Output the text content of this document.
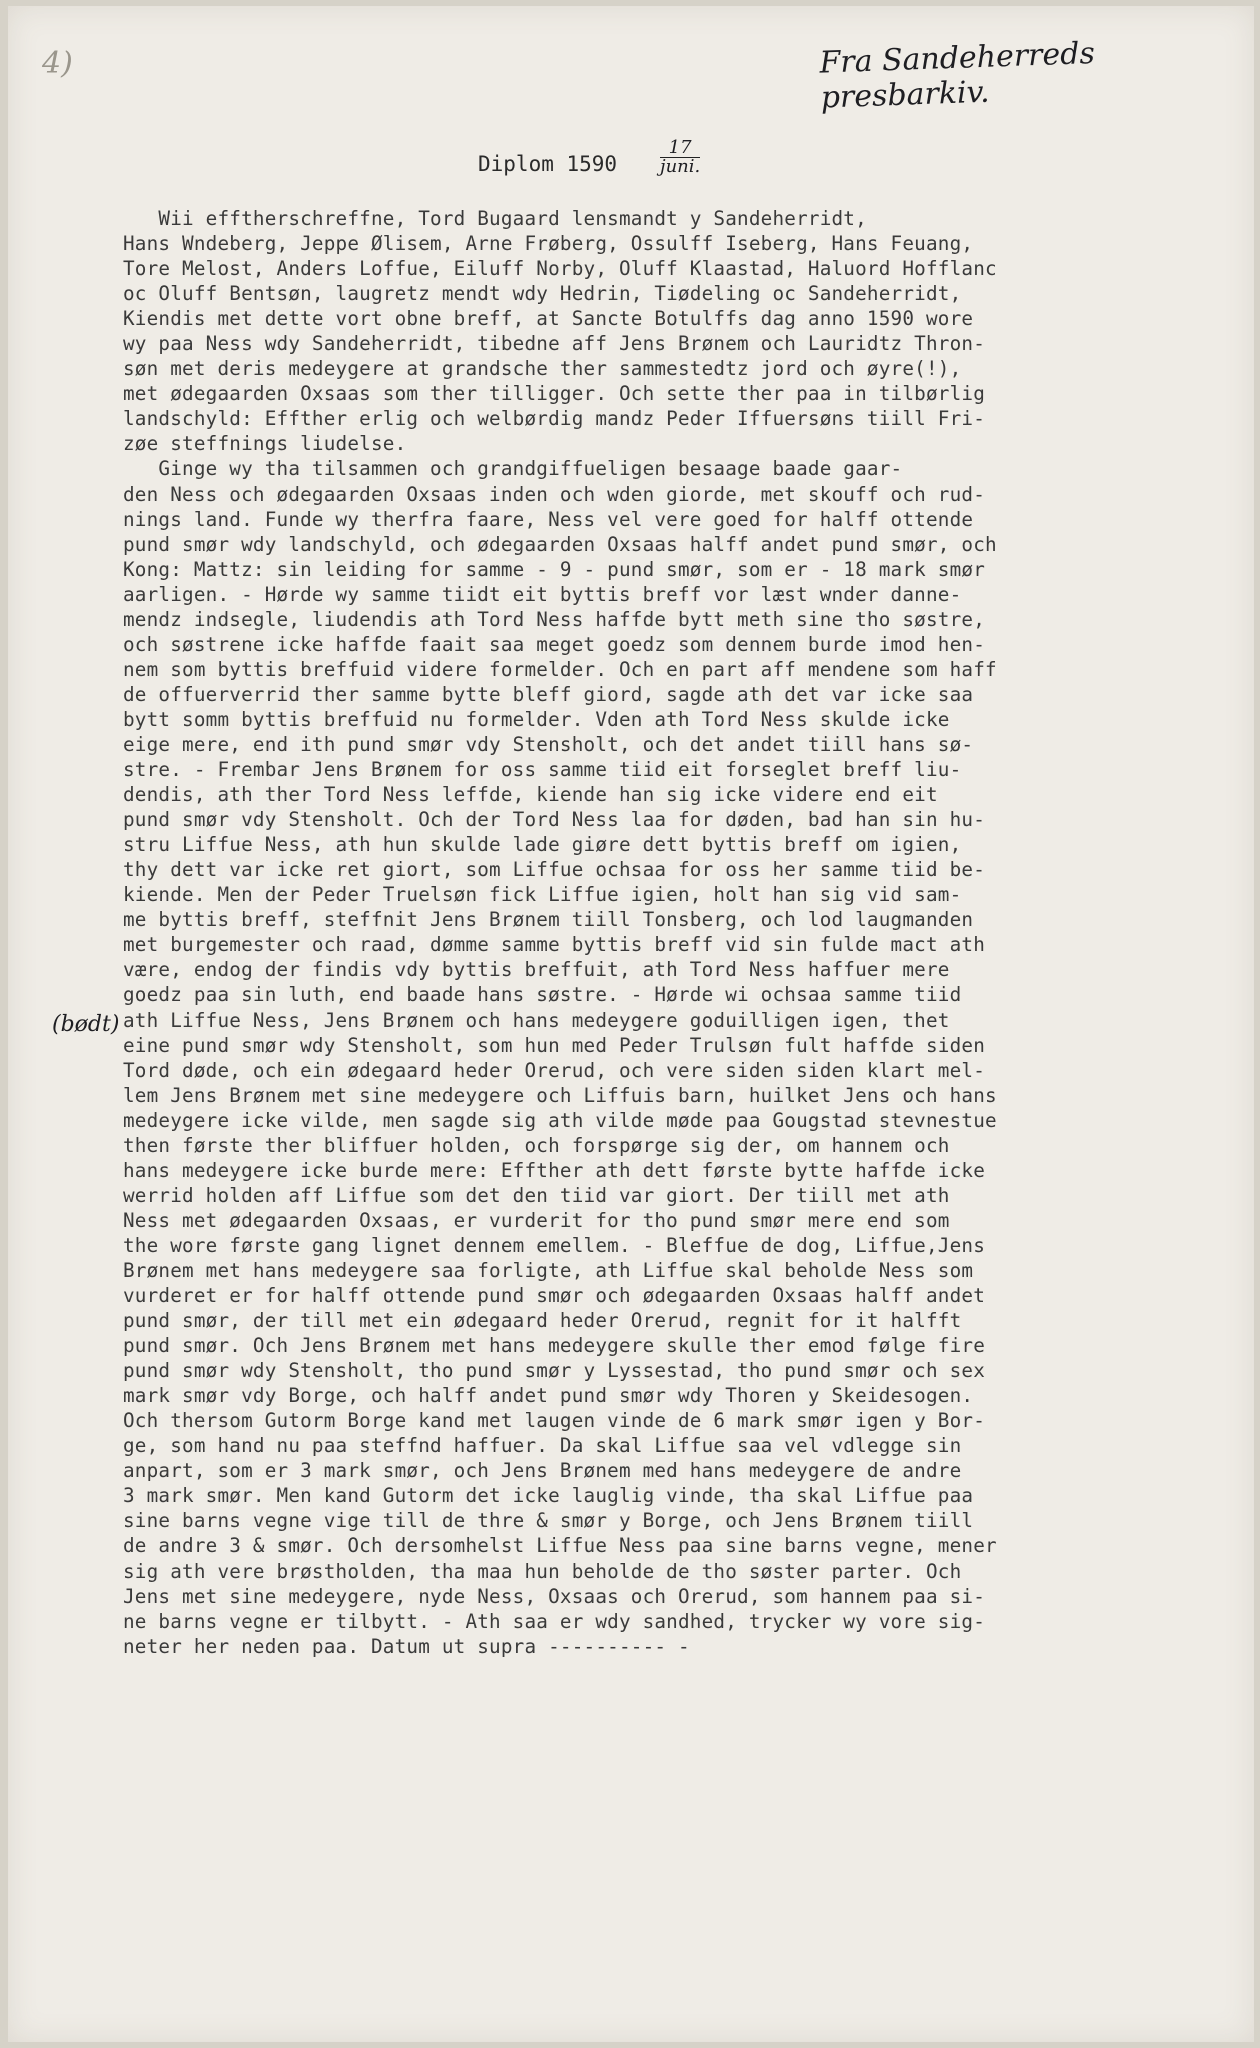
4)	Fra Sandeherreds presbarkiv.
Diplom 1590
17
juni.
(bødt)
Wii efftherschreffne, Tord Bugaard lensmandt y Sandeherridt,
Hans Wndeberg, Jeppe Ølisem, Arne Frøberg, Ossulff Iseberg, Hans Feuang,
Tore Melost, Anders Loffue, Eiluff Norby, Oluff Klaastad, Haluord Hofflanc
oc Oluff Bentsøn, laugretz mendt wdy Hedrin, Tiødeling oc Sandeherridt,
Kiendis met dette vort obne breff, at Sancte Botulffs dag anno 1590 wore
wy paa Ness wdy Sandeherridt, tibedne aff Jens Brønem och Lauridtz Thron-
søn met deris medeygere at grandsche ther sammestedtz jord och øyre(!),
met ødegaarden Oxsaas som ther tilligger. Och sette ther paa in tilbørlig
landschyld: Effther erlig och welbørdig mandz Peder Iffuersøns tiill Fri-
zøe steffnings liudelse.
Ginge wy tha tilsammen och grandgiffueligen besaage baade gaar-
den Ness och ødegaarden Oxsaas inden och wden giorde, met skouff och rud-
nings land. Funde wy therfra faare, Ness vel vere goed for halff ottende
pund smør wdy landschyld, och ødegaarden Oxsaas halff andet pund smør, och
Kong: Mattz: sin leiding for samme - 9 - pund smør, som er - 18 mark smør
aarligen. - Hørde wy samme tiidt eit byttis breff vor læst wnder danne-
mendz indsegle, liudendis ath Tord Ness haffde bytt meth sine tho søstre,
och søstrene icke haffde faait saa meget goedz som dennem burde imod hen-
nem som byttis breffuid videre formelder. Och en part aff mendene som haff
de offuerverrid ther samme bytte bleff giord, sagde ath det var icke saa
bytt somm byttis breffuid nu formelder. Vden ath Tord Ness skulde icke
eige mere, end ith pund smør vdy Stensholt, och det andet tiill hans sø-
stre. - Frembar Jens Brønem for oss samme tiid eit forseglet breff liu-
dendis, ath ther Tord Ness leffde, kiende han sig icke videre end eit
pund smør vdy Stensholt. Och der Tord Ness laa for døden, bad han sin hu-
stru Liffue Ness, ath hun skulde lade giøre dett byttis breff om igien,
thy dett var icke ret giort, som Liffue ochsaa for oss her samme tiid be-
kiende. Men der Peder Truelsøn fick Liffue igien, holt han sig vid sam-
me byttis breff, steffnit Jens Brønem tiill Tonsberg, och lod laugmanden
met burgemester och raad, dømme samme byttis breff vid sin fulde mact ath
være, endog der findis vdy byttis breffuit, ath Tord Ness haffuer mere
goedz paa sin luth, end baade hans søstre. - Hørde wi ochsaa samme tiid
ath Liffue Ness, Jens Brønem och hans medeygere goduilligen igen, thet
eine pund smør wdy Stensholt, som hun med Peder Trulsøn fult haffde siden
Tord døde, och ein ødegaard heder Orerud, och vere siden siden klart mel-
lem Jens Brønem met sine medeygere och Liffuis barn, huilket Jens och hans
medeygere icke vilde, men sagde sig ath vilde møde paa Gougstad stevnestue
then første ther bliffuer holden, och forspørge sig der, om hannem och
hans medeygere icke burde mere: Effther ath dett første bytte haffde icke
werrid holden aff Liffue som det den tiid var giort. Der tiill met ath
Ness met ødegaarden Oxsaas, er vurderit for tho pund smør mere end som
the wore første gang lignet dennem emellem. - Bleffue de dog, Liffue,Jens
Brønem met hans medeygere saa forligte, ath Liffue skal beholde Ness som
vurderet er for halff ottende pund smør och ødegaarden Oxsaas halff andet
pund smør, der till met ein ødegaard heder Orerud, regnit for it halfft
pund smør. Och Jens Brønem met hans medeygere skulle ther emod følge fire
pund smør wdy Stensholt, tho pund smør y Lyssestad, tho pund smør och sex
mark smør vdy Borge, och halff andet pund smør wdy Thoren y Skeidesogen.
Och thersom Gutorm Borge kand met laugen vinde de 6 mark smør igen y Bor-
ge, som hand nu paa steffnd haffuer. Da skal Liffue saa vel vdlegge sin
anpart, som er 3 mark smør, och Jens Brønem med hans medeygere de andre
3 mark smør. Men kand Gutorm det icke lauglig vinde, tha skal Liffue paa
sine barns vegne vige till de thre & smør y Borge, och Jens Brønem tiill
de andre 3 & smør. Och dersomhelst Liffue Ness paa sine barns vegne, mener
sig ath vere brøstholden, tha maa hun beholde de tho søster parter. Och
Jens met sine medeygere, nyde Ness, Oxsaas och Orerud, som hannem paa si-
ne barns vegne er tilbytt. - Ath saa er wdy sandhed, trycker wy vore sig-
neter her neden paa. Datum ut supra ---------- -
